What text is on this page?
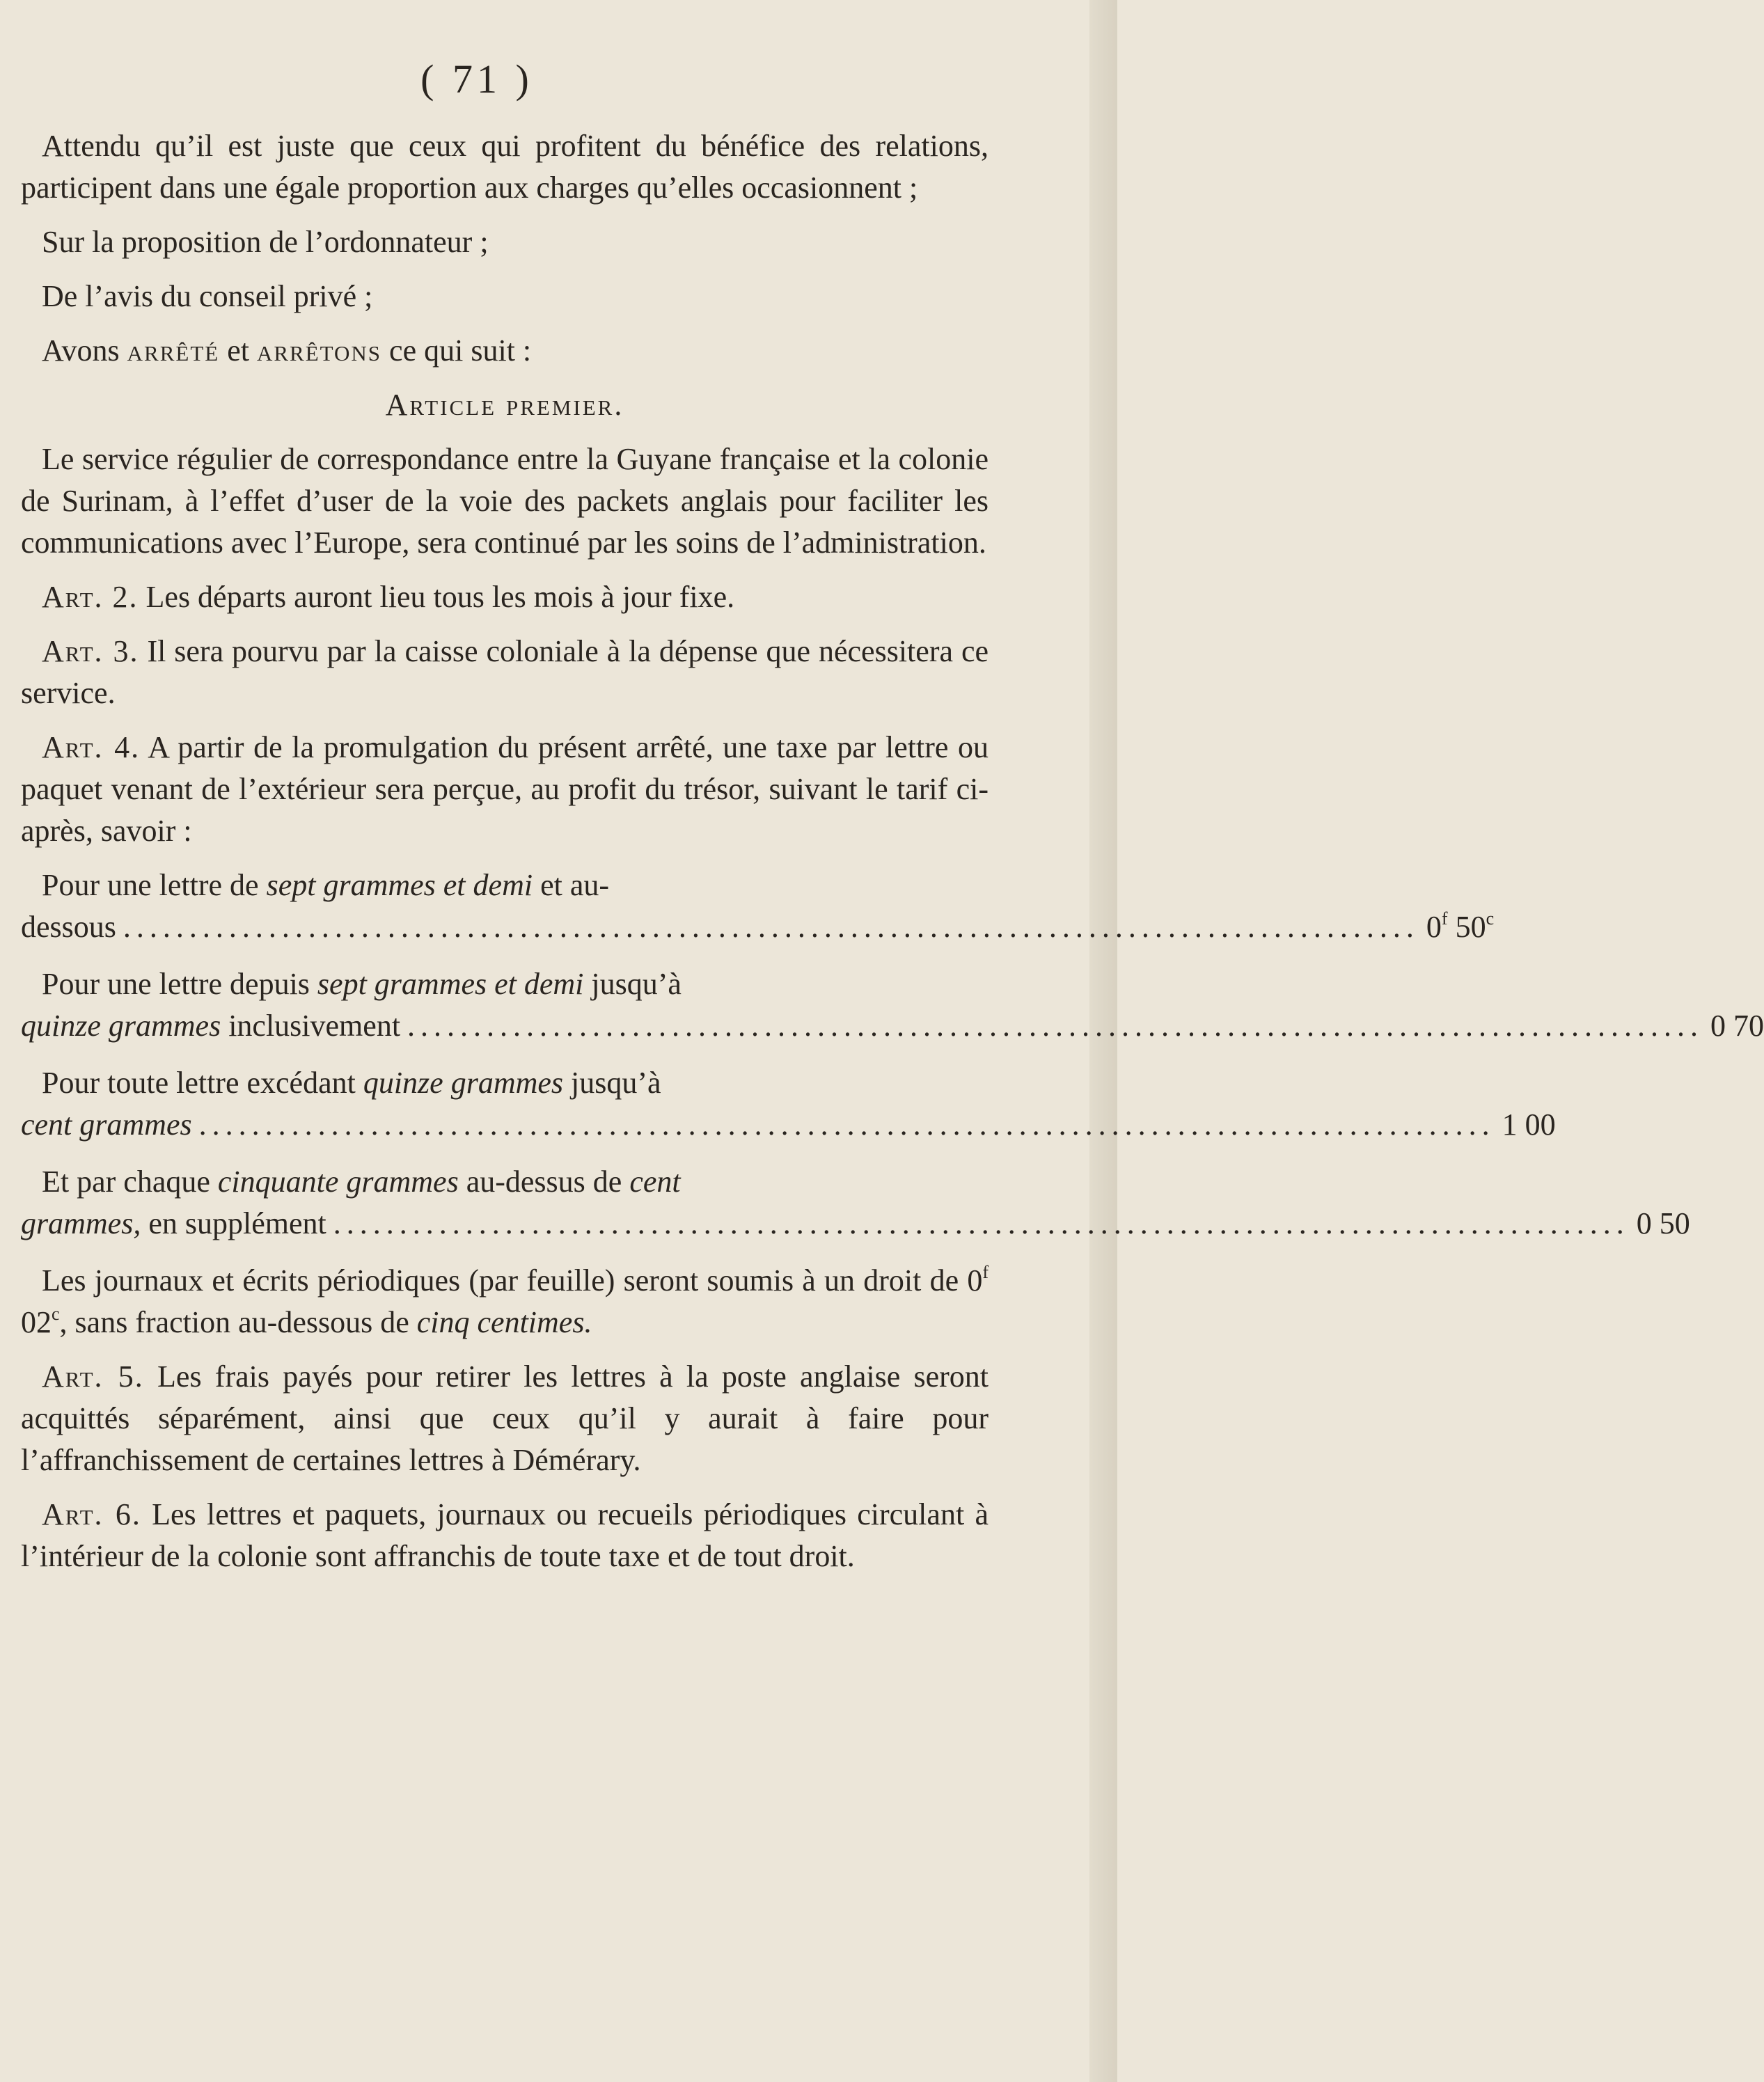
( 71 )
Attendu qu’il est juste que ceux qui profitent du bénéfice des relations, participent dans une égale proportion aux charges qu’elles occasionnent ;
Sur la proposition de l’ordonnateur ;
De l’avis du conseil privé ;
Avons arrêté et arrêtons ce qui suit :
Article premier.
Le service régulier de correspondance entre la Guyane française et la colonie de Surinam, à l’effet d’user de la voie des packets anglais pour faciliter les communications avec l’Europe, sera continué par les soins de l’administration.
Art. 2. Les départs auront lieu tous les mois à jour fixe.
Art. 3. Il sera pourvu par la caisse coloniale à la dépense que nécessitera ce service.
Art. 4. A partir de la promulgation du présent arrêté, une taxe par lettre ou paquet venant de l’extérieur sera perçue, au profit du trésor, suivant le tarif ci-après, savoir :
Pour une lettre de sept grammes et demi et au-
dessous .................................................................................................. 0$^f$ 50$^c$
Pour une lettre depuis sept grammes et demi jusqu’à
quinze grammes inclusivement .................................................................................................. 0 70
Pour toute lettre excédant quinze grammes jusqu’à
cent grammes .................................................................................................. 1 00
Et par chaque cinquante grammes au-dessus de cent
grammes, en supplément .................................................................................................. 0 50
Les journaux et écrits périodiques (par feuille) seront soumis à un droit de 0$^f$ 02$^c$, sans fraction au-dessous de cinq centimes.
Art. 5. Les frais payés pour retirer les lettres à la poste anglaise seront acquittés séparément, ainsi que ceux qu’il y aurait à faire pour l’affranchissement de certaines lettres à Démérary.
Art. 6. Les lettres et paquets, journaux ou recueils périodiques circulant à l’intérieur de la colonie sont affranchis de toute taxe et de tout droit.
